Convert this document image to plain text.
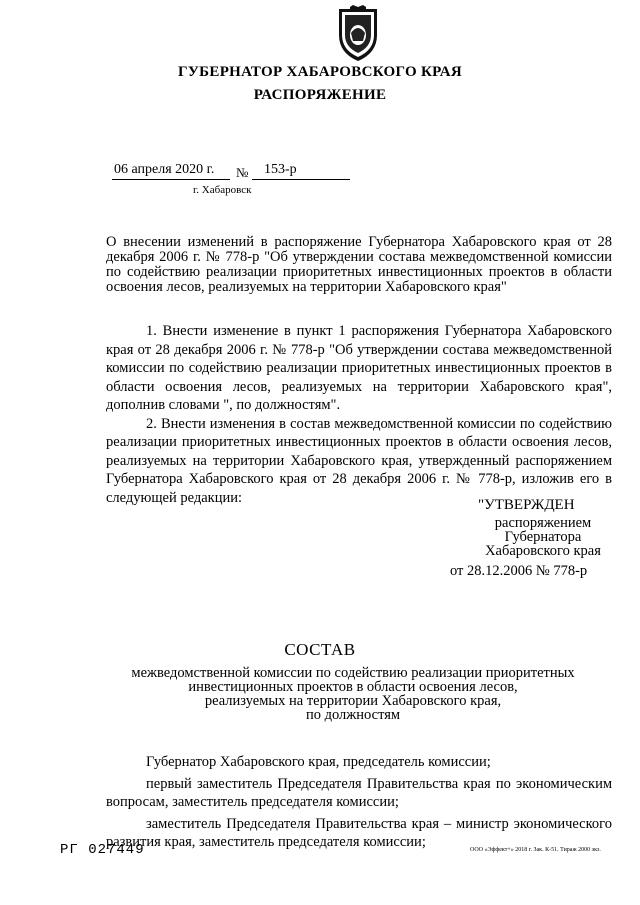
ГУБЕРНАТОР ХАБАРОВСКОГО КРАЯ
РАСПОРЯЖЕНИЕ
06 апреля 2020 г. № 153-р
г. Хабаровск
О внесении изменений в распоряжение Губернатора Хабаровского края от 28 декабря 2006 г. № 778-р "Об утверждении состава межведомственной комиссии по содействию реализации приоритетных инвестиционных проектов в области освоения лесов, реализуемых на территории Хабаровского края"

1. Внести изменение в пункт 1 распоряжения Губернатора Хабаровского края от 28 декабря 2006 г. № 778-р "Об утверждении состава межведомственной комиссии по содействию реализации приоритетных инвестиционных проектов в области освоения лесов, реализуемых на территории Хабаровского края", дополнив словами ", по должностям".

2. Внести изменения в состав межведомственной комиссии по содействию реализации приоритетных инвестиционных проектов в области освоения лесов, реализуемых на территории Хабаровского края, утвержденный распоряжением Губернатора Хабаровского края от 28 декабря 2006 г. № 778-р, изложив его в следующей редакции:	"УТВЕРЖДЕН
распоряжением
Губернатора
Хабаровского края
от 28.12.2006 № 778-р
СОСТАВ
межведомственной комиссии по содействию реализации приоритетных
инвестиционных проектов в области освоения лесов,
реализуемых на территории Хабаровского края,
по должностям

Губернатор Хабаровского края, председатель комиссии;

первый заместитель Председателя Правительства края по экономическим вопросам, заместитель председателя комиссии;

заместитель Председателя Правительства края – министр экономического развития края, заместитель председателя комиссии;

РГ 027449	ООО «Эффект+» 2018 г. Зак. К-51. Тираж 2000 экз.
